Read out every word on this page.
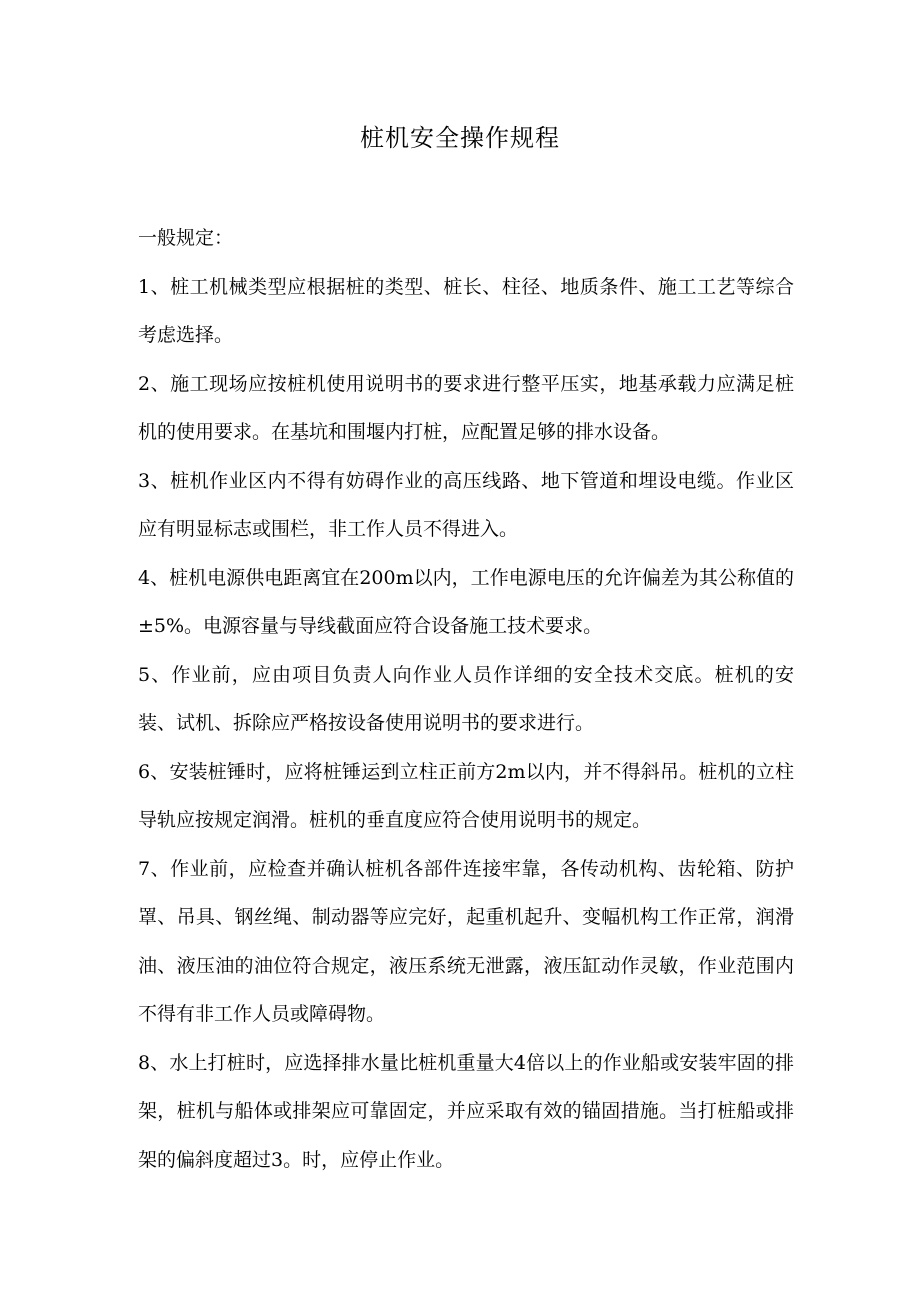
桩机安全操作规程

一般规定：

1、桩工机械类型应根据桩的类型、桩长、柱径、地质条件、施工工艺等综合考虑选择。

2、施工现场应按桩机使用说明书的要求进行整平压实，地基承载力应满足桩机的使用要求。在基坑和围堰内打桩，应配置足够的排水设备。

3、桩机作业区内不得有妨碍作业的高压线路、地下管道和埋设电缆。作业区应有明显标志或围栏，非工作人员不得进入。

4、桩机电源供电距离宜在200m以内，工作电源电压的允许偏差为其公称值的±5%。电源容量与导线截面应符合设备施工技术要求。

5、作业前，应由项目负责人向作业人员作详细的安全技术交底。桩机的安装、试机、拆除应严格按设备使用说明书的要求进行。

6、安装桩锤时，应将桩锤运到立柱正前方2m以内，并不得斜吊。桩机的立柱导轨应按规定润滑。桩机的垂直度应符合使用说明书的规定。

7、作业前，应检查并确认桩机各部件连接牢靠，各传动机构、齿轮箱、防护罩、吊具、钢丝绳、制动器等应完好，起重机起升、变幅机构工作正常，润滑油、液压油的油位符合规定，液压系统无泄露，液压缸动作灵敏，作业范围内不得有非工作人员或障碍物。

8、水上打桩时，应选择排水量比桩机重量大4倍以上的作业船或安装牢固的排架，桩机与船体或排架应可靠固定，并应采取有效的锚固措施。当打桩船或排架的偏斜度超过3。时，应停止作业。
